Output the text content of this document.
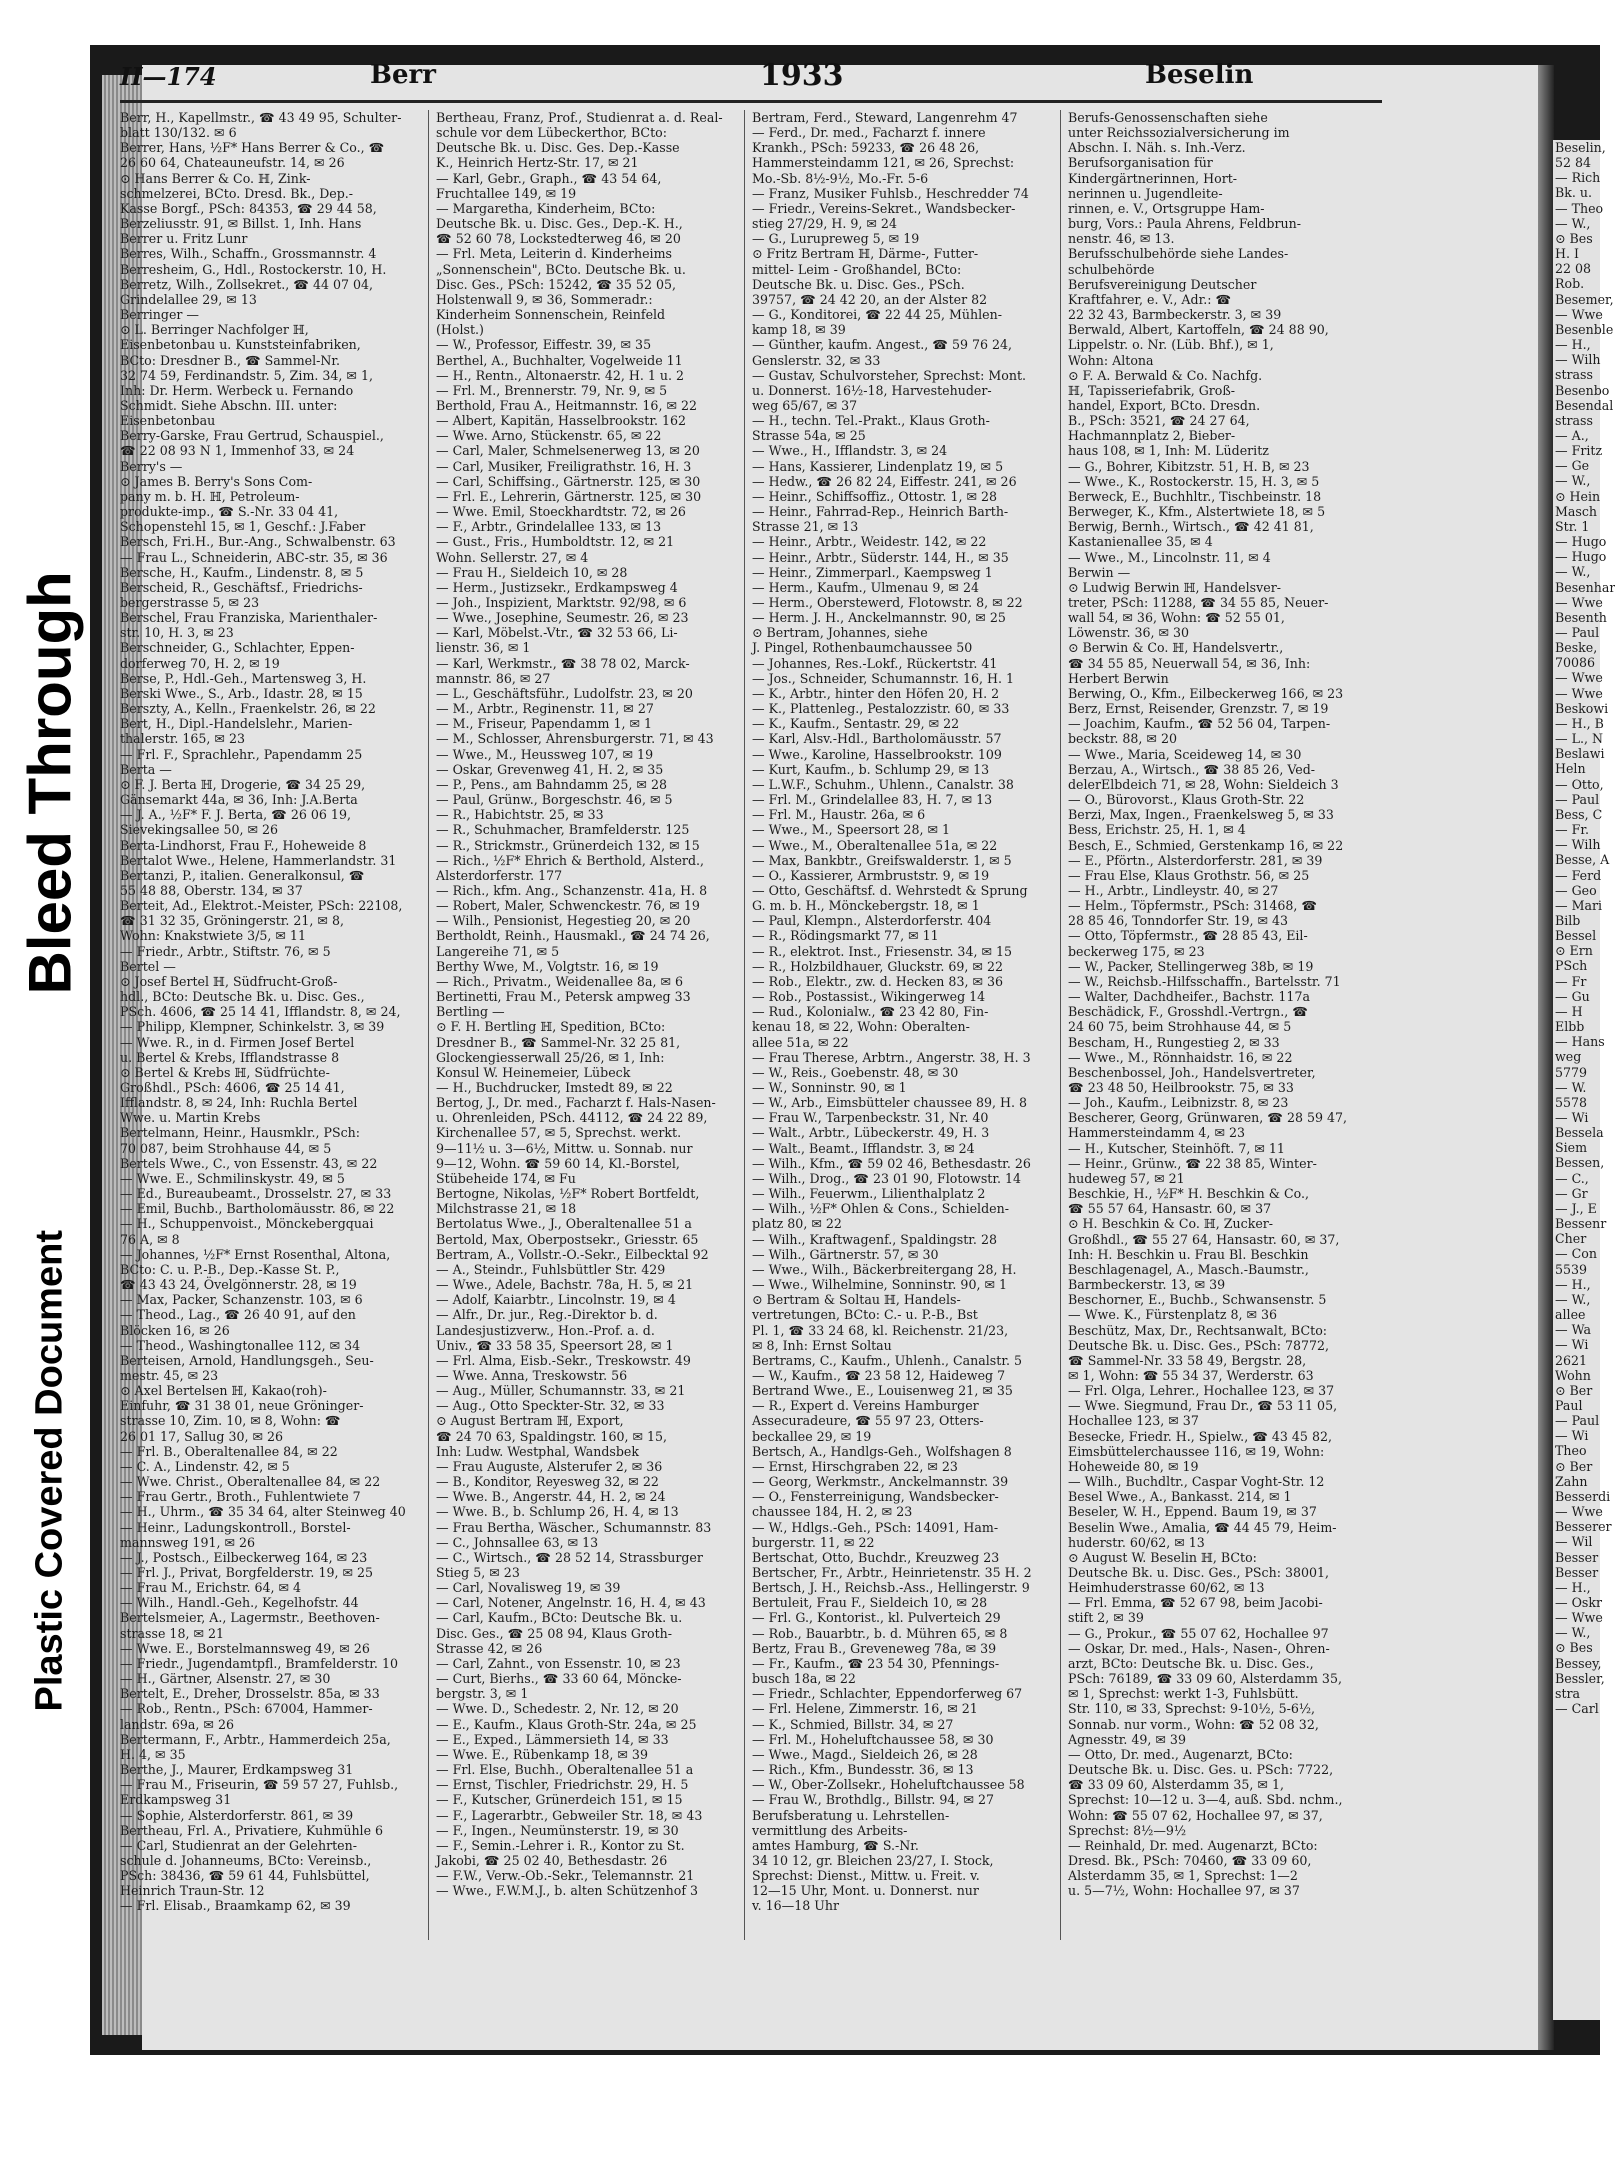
Bleed Through
Plastic Covered Document
Beselin,
52 84
— Rich
Bk. u.
— Theo
— W.,
⊙ Bes
H. I
22 08
Rob.
Besemer,
— Wwe
Besenble
— H.,
— Wilh
strass
Besenbo
Besendal
strass
— A.,
— Fritz
— Ge
— W.,
⊙ Hein
Masch
Str. 1
— Hugo
— Hugo
— W.,
Besenhar
— Wwe
Besenth
— Paul
Beske,
70086
— Wwe
— Wwe
Beskowi
— H., B
— L., N
Beslawi
Heln
— Otto,
— Paul
Bess, C
— Fr.
— Wilh
Besse, A
— Ferd
— Geo
— Mari
Bilb
Bessel
⊙ Ern
PSch
— Fr
— Gu
— H
Elbb
— Hans
weg
5779
— W.
5578
— Wi
Bessela
Siem
Bessen,
— C.,
— Gr
— J., E
Bessenr
Cher
— Con
5539
— H.,
— W.,
allee
— Wa
— Wi
2621
Wohn
⊙ Ber
Paul
— Paul
— Wi
Theo
⊙ Ber
Zahn
Besserdi
— Wwe
Besserer
— Wil
Besser
Besser
— H.,
— Oskr
— Wwe
— W.,
⊙ Bes
Bessey,
Bessler,
stra
— Carl
II—174	Berr	1933	Beselin
Berr, H., Kapellmstr., ☎ 43 49 95, Schulter-
blatt 130/132. ✉ 6
Berrer, Hans, ½F* Hans Berrer & Co., ☎
26 60 64, Chateauneufstr. 14, ✉ 26
⊙ Hans Berrer & Co. ℍ, Zink-
schmelzerei, BCto. Dresd. Bk., Dep.-
Kasse Borgf., PSch: 84353, ☎ 29 44 58,
Berzeliusstr. 91, ✉ Billst. 1, Inh. Hans
Berrer u. Fritz Lunr
Berres, Wilh., Schaffn., Grossmannstr. 4
Berresheim, G., Hdl., Rostockerstr. 10, H.
Berretz, Wilh., Zollsekret., ☎ 44 07 04,
Grindelallee 29, ✉ 13
Berringer —
⊙ L. Berringer Nachfolger ℍ,
Eisenbetonbau u. Kunststeinfabriken,
BCto: Dresdner B., ☎ Sammel-Nr.
32 74 59, Ferdinandstr. 5, Zim. 34, ✉ 1,
Inh: Dr. Herm. Werbeck u. Fernando
Schmidt. Siehe Abschn. III. unter:
Eisenbetonbau
Berry-Garske, Frau Gertrud, Schauspiel.,
☎ 22 08 93 N 1, Immenhof 33, ✉ 24
Berry's —
⊙ James B. Berry's Sons Com-
pany m. b. H. ℍ, Petroleum-
produkte-imp., ☎ S.-Nr. 33 04 41,
Schopenstehl 15, ✉ 1, Geschf.: J.Faber
Bersch, Fri.H., Bur.-Ang., Schwalbenstr. 63
— Frau L., Schneiderin, ABC-str. 35, ✉ 36
Bersche, H., Kaufm., Lindenstr. 8, ✉ 5
Berscheid, R., Geschäftsf., Friedrichs-
bergerstrasse 5, ✉ 23
Berschel, Frau Franziska, Marienthaler-
str. 10, H. 3, ✉ 23
Berschneider, G., Schlachter, Eppen-
dorferweg 70, H. 2, ✉ 19
Berse, P., Hdl.-Geh., Martensweg 3, H.
Berski Wwe., S., Arb., Idastr. 28, ✉ 15
Berszty, A., Kelln., Fraenkelstr. 26, ✉ 22
Bert, H., Dipl.-Handelslehr., Marien-
thalerstr. 165, ✉ 23
— Frl. F., Sprachlehr., Papendamm 25
Berta —
⊙ F. J. Berta ℍ, Drogerie, ☎ 34 25 29,
Gänsemarkt 44a, ✉ 36, Inh: J.A.Berta
— J. A., ½F* F. J. Berta, ☎ 26 06 19,
Sievekingsallee 50, ✉ 26
Berta-Lindhorst, Frau F., Hoheweide 8
Bertalot Wwe., Helene, Hammerlandstr. 31
Bertanzi, P., italien. Generalkonsul, ☎
55 48 88, Oberstr. 134, ✉ 37
Berteit, Ad., Elektrot.-Meister, PSch: 22108,
☎ 31 32 35, Gröningerstr. 21, ✉ 8,
Wohn: Knakstwiete 3/5, ✉ 11
— Friedr., Arbtr., Stiftstr. 76, ✉ 5
Bertel —
⊙ Josef Bertel ℍ, Südfrucht-Groß-
hdl., BCto: Deutsche Bk. u. Disc. Ges.,
PSch. 4606, ☎ 25 14 41, Ifflandstr. 8, ✉ 24,
— Philipp, Klempner, Schinkelstr. 3, ✉ 39
— Wwe. R., in d. Firmen Josef Bertel
u. Bertel & Krebs, Ifflandstrasse 8
⊙ Bertel & Krebs ℍ, Südfrüchte-
Großhdl., PSch: 4606, ☎ 25 14 41,
Ifflandstr. 8, ✉ 24, Inh: Ruchla Bertel
Wwe. u. Martin Krebs
Bertelmann, Heinr., Hausmklr., PSch:
70 087, beim Strohhause 44, ✉ 5
Bertels Wwe., C., von Essenstr. 43, ✉ 22
— Wwe. E., Schmilinskystr. 49, ✉ 5
— Ed., Bureaubeamt., Drosselstr. 27, ✉ 33
— Emil, Buchb., Bartholomäusstr. 86, ✉ 22
— H., Schuppenvoist., Mönckebergquai
76 A, ✉ 8
— Johannes, ½F* Ernst Rosenthal, Altona,
BCto: C. u. P.-B., Dep.-Kasse St. P.,
☎ 43 43 24, Övelgönnerstr. 28, ✉ 19
— Max, Packer, Schanzenstr. 103, ✉ 6
— Theod., Lag., ☎ 26 40 91, auf den
Blöcken 16, ✉ 26
— Theod., Washingtonallee 112, ✉ 34
Berteisen, Arnold, Handlungsgeh., Seu-
mestr. 45, ✉ 23
⊙ Axel Bertelsen ℍ, Kakao(roh)-
Einfuhr, ☎ 31 38 01, neue Gröninger-
strasse 10, Zim. 10, ✉ 8, Wohn: ☎
26 01 17, Sallug 30, ✉ 26
— Frl. B., Oberaltenallee 84, ✉ 22
— C. A., Lindenstr. 42, ✉ 5
— Wwe. Christ., Oberaltenallee 84, ✉ 22
— Frau Gertr., Broth., Fuhlentwiete 7
— H., Uhrm., ☎ 35 34 64, alter Steinweg 40
— Heinr., Ladungskontroll., Borstel-
mannsweg 191, ✉ 26
— J., Postsch., Eilbeckerweg 164, ✉ 23
— Frl. J., Privat, Borgfelderstr. 19, ✉ 25
— Frau M., Erichstr. 64, ✉ 4
— Wilh., Handl.-Geh., Kegelhofstr. 44
Bertelsmeier, A., Lagermstr., Beethoven-
strasse 18, ✉ 21
— Wwe. E., Borstelmannsweg 49, ✉ 26
— Friedr., Jugendamtpfl., Bramfelderstr. 10
— H., Gärtner, Alsenstr. 27, ✉ 30
Bertelt, E., Dreher, Drosselstr. 85a, ✉ 33
— Rob., Rentn., PSch: 67004, Hammer-
landstr. 69a, ✉ 26
Bertermann, F., Arbtr., Hammerdeich 25a,
H. 4, ✉ 35
Berthe, J., Maurer, Erdkampsweg 31
— Frau M., Friseurin, ☎ 59 57 27, Fuhlsb.,
Erdkampsweg 31
— Sophie, Alsterdorferstr. 861, ✉ 39
Bertheau, Frl. A., Privatiere, Kuhmühle 6
— Carl, Studienrat an der Gelehrten-
schule d. Johanneums, BCto: Vereinsb.,
PSch: 38436, ☎ 59 61 44, Fuhlsbüttel,
Heinrich Traun-Str. 12
— Frl. Elisab., Braamkamp 62, ✉ 39
Bertheau, Franz, Prof., Studienrat a. d. Real-
schule vor dem Lübeckerthor, BCto:
Deutsche Bk. u. Disc. Ges. Dep.-Kasse
K., Heinrich Hertz-Str. 17, ✉ 21
— Karl, Gebr., Graph., ☎ 43 54 64,
Fruchtallee 149, ✉ 19
— Margaretha, Kinderheim, BCto:
Deutsche Bk. u. Disc. Ges., Dep.-K. H.,
☎ 52 60 78, Lockstedterweg 46, ✉ 20
— Frl. Meta, Leiterin d. Kinderheims
„Sonnenschein", BCto. Deutsche Bk. u.
Disc. Ges., PSch: 15242, ☎ 35 52 05,
Holstenwall 9, ✉ 36, Sommeradr.:
Kinderheim Sonnenschein, Reinfeld
(Holst.)
— W., Professor, Eiffestr. 39, ✉ 35
Berthel, A., Buchhalter, Vogelweide 11
— H., Rentn., Altonaerstr. 42, H. 1 u. 2
— Frl. M., Brennerstr. 79, Nr. 9, ✉ 5
Berthold, Frau A., Heitmannstr. 16, ✉ 22
— Albert, Kapitän, Hasselbrookstr. 162
— Wwe. Arno, Stückenstr. 65, ✉ 22
— Carl, Maler, Schmelsenerweg 13, ✉ 20
— Carl, Musiker, Freiligrathstr. 16, H. 3
— Carl, Schiffsing., Gärtnerstr. 125, ✉ 30
— Frl. E., Lehrerin, Gärtnerstr. 125, ✉ 30
— Wwe. Emil, Stoeckhardtstr. 72, ✉ 26
— F., Arbtr., Grindelallee 133, ✉ 13
— Gust., Fris., Humboldtstr. 12, ✉ 21
Wohn. Sellerstr. 27, ✉ 4
— Frau H., Sieldeich 10, ✉ 28
— Herm., Justizsekr., Erdkampsweg 4
— Joh., Inspizient, Marktstr. 92/98, ✉ 6
— Wwe., Josephine, Seumestr. 26, ✉ 23
— Karl, Möbelst.-Vtr., ☎ 32 53 66, Li-
lienstr. 36, ✉ 1
— Karl, Werkmstr., ☎ 38 78 02, Marck-
mannstr. 86, ✉ 27
— L., Geschäftsführ., Ludolfstr. 23, ✉ 20
— M., Arbtr., Reginenstr. 11, ✉ 27
— M., Friseur, Papendamm 1, ✉ 1
— M., Schlosser, Ahrensburgerstr. 71, ✉ 43
— Wwe., M., Heussweg 107, ✉ 19
— Oskar, Grevenweg 41, H. 2, ✉ 35
— P., Pens., am Bahndamm 25, ✉ 28
— Paul, Grünw., Borgeschstr. 46, ✉ 5
— R., Habichtstr. 25, ✉ 33
— R., Schuhmacher, Bramfelderstr. 125
— R., Strickmstr., Grünerdeich 132, ✉ 15
— Rich., ½F* Ehrich & Berthold, Alsterd.,
Alsterdorferstr. 177
— Rich., kfm. Ang., Schanzenstr. 41a, H. 8
— Robert, Maler, Schwenckestr. 76, ✉ 19
— Wilh., Pensionist, Hegestieg 20, ✉ 20
Bertholdt, Reinh., Hausmakl., ☎ 24 74 26,
Langereihe 71, ✉ 5
Berthy Wwe, M., Volgtstr. 16, ✉ 19
— Rich., Privatm., Weidenallee 8a, ✉ 6
Bertinetti, Frau M., Petersk ampweg 33
Bertling —
⊙ F. H. Bertling ℍ, Spedition, BCto:
Dresdner B., ☎ Sammel-Nr. 32 25 81,
Glockengiesserwall 25/26, ✉ 1, Inh:
Konsul W. Heinemeier, Lübeck
— H., Buchdrucker, Imstedt 89, ✉ 22
Bertog, J., Dr. med., Facharzt f. Hals-Nasen-
u. Ohrenleiden, PSch. 44112, ☎ 24 22 89,
Kirchenallee 57, ✉ 5, Sprechst. werkt.
9—11½ u. 3—6½, Mittw. u. Sonnab. nur
9—12, Wohn. ☎ 59 60 14, Kl.-Borstel,
Stübeheide 174, ✉ Fu
Bertogne, Nikolas, ½F* Robert Bortfeldt,
Milchstrasse 21, ✉ 18
Bertolatus Wwe., J., Oberaltenallee 51 a
Bertold, Max, Oberpostsekr., Griesstr. 65
Bertram, A., Vollstr.-O.-Sekr., Eilbecktal 92
— A., Steindr., Fuhlsbüttler Str. 429
— Wwe., Adele, Bachstr. 78a, H. 5, ✉ 21
— Adolf, Kaiarbtr., Lincolnstr. 19, ✉ 4
— Alfr., Dr. jur., Reg.-Direktor b. d.
Landesjustizverw., Hon.-Prof. a. d.
Univ., ☎ 33 58 35, Speersort 28, ✉ 1
— Frl. Alma, Eisb.-Sekr., Treskowstr. 49
— Wwe. Anna, Treskowstr. 56
— Aug., Müller, Schumannstr. 33, ✉ 21
— Aug., Otto Speckter-Str. 32, ✉ 33
⊙ August Bertram ℍ, Export,
☎ 24 70 63, Spaldingstr. 160, ✉ 15,
Inh: Ludw. Westphal, Wandsbek
— Frau Auguste, Alsterufer 2, ✉ 36
— B., Konditor, Reyesweg 32, ✉ 22
— Wwe. B., Angerstr. 44, H. 2, ✉ 24
— Wwe. B., b. Schlump 26, H. 4, ✉ 13
— Frau Bertha, Wäscher., Schumannstr. 83
— C., Johnsallee 63, ✉ 13
— C., Wirtsch., ☎ 28 52 14, Strassburger
Stieg 5, ✉ 23
— Carl, Novalisweg 19, ✉ 39
— Carl, Notener, Angelnstr. 16, H. 4, ✉ 43
— Carl, Kaufm., BCto: Deutsche Bk. u.
Disc. Ges., ☎ 25 08 94, Klaus Groth-
Strasse 42, ✉ 26
— Carl, Zahnt., von Essenstr. 10, ✉ 23
— Curt, Bierhs., ☎ 33 60 64, Möncke-
bergstr. 3, ✉ 1
— Wwe. D., Schedestr. 2, Nr. 12, ✉ 20
— E., Kaufm., Klaus Groth-Str. 24a, ✉ 25
— E., Exped., Lämmersieth 14, ✉ 33
— Wwe. E., Rübenkamp 18, ✉ 39
— Frl. Else, Buchh., Oberaltenallee 51 a
— Ernst, Tischler, Friedrichstr. 29, H. 5
— F., Kutscher, Grünerdeich 151, ✉ 15
— F., Lagerarbtr., Gebweiler Str. 18, ✉ 43
— F., Ingen., Neumünsterstr. 19, ✉ 30
— F., Semin.-Lehrer i. R., Kontor zu St.
Jakobi, ☎ 25 02 40, Bethesdastr. 26
— F.W., Verw.-Ob.-Sekr., Telemannstr. 21
— Wwe., F.W.M.J., b. alten Schützenhof 3
Bertram, Ferd., Steward, Langenrehm 47
— Ferd., Dr. med., Facharzt f. innere
Krankh., PSch: 59233, ☎ 26 48 26,
Hammersteindamm 121, ✉ 26, Sprechst:
Mo.-Sb. 8½-9½, Mo.-Fr. 5-6
— Franz, Musiker Fuhlsb., Heschredder 74
— Friedr., Vereins-Sekret., Wandsbecker-
stieg 27/29, H. 9, ✉ 24
— G., Lurupreweg 5, ✉ 19
⊙ Fritz Bertram ℍ, Därme-, Futter-
mittel- Leim - Großhandel, BCto:
Deutsche Bk. u. Disc. Ges., PSch.
39757, ☎ 24 42 20, an der Alster 82
— G., Konditorei, ☎ 22 44 25, Mühlen-
kamp 18, ✉ 39
— Günther, kaufm. Angest., ☎ 59 76 24,
Genslerstr. 32, ✉ 33
— Gustav, Schulvorsteher, Sprechst: Mont.
u. Donnerst. 16½-18, Harvestehuder-
weg 65/67, ✉ 37
— H., techn. Tel.-Prakt., Klaus Groth-
Strasse 54a, ✉ 25
— Wwe., H., Ifflandstr. 3, ✉ 24
— Hans, Kassierer, Lindenplatz 19, ✉ 5
— Hedw., ☎ 26 82 24, Eiffestr. 241, ✉ 26
— Heinr., Schiffsoffiz., Ottostr. 1, ✉ 28
— Heinr., Fahrrad-Rep., Heinrich Barth-
Strasse 21, ✉ 13
— Heinr., Arbtr., Weidestr. 142, ✉ 22
— Heinr., Arbtr., Süderstr. 144, H., ✉ 35
— Heinr., Zimmerparl., Kaempsweg 1
— Herm., Kaufm., Ulmenau 9, ✉ 24
— Herm., Oberstewerd, Flotowstr. 8, ✉ 22
— Herm. J. H., Anckelmannstr. 90, ✉ 25
⊙ Bertram, Johannes, siehe
J. Pingel, Rothenbaumchaussee 50
— Johannes, Res.-Lokf., Rückertstr. 41
— Jos., Schneider, Schumannstr. 16, H. 1
— K., Arbtr., hinter den Höfen 20, H. 2
— K., Plattenleg., Pestalozzistr. 60, ✉ 33
— K., Kaufm., Sentastr. 29, ✉ 22
— Karl, Alsv.-Hdl., Bartholomäusstr. 57
— Wwe., Karoline, Hasselbrookstr. 109
— Kurt, Kaufm., b. Schlump 29, ✉ 13
— L.W.F., Schuhm., Uhlenn., Canalstr. 38
— Frl. M., Grindelallee 83, H. 7, ✉ 13
— Frl. M., Haustr. 26a, ✉ 6
— Wwe., M., Speersort 28, ✉ 1
— Wwe., M., Oberaltenallee 51a, ✉ 22
— Max, Bankbtr., Greifswalderstr. 1, ✉ 5
— O., Kassierer, Armbruststr. 9, ✉ 19
— Otto, Geschäftsf. d. Wehrstedt & Sprung
G. m. b. H., Mönckebergstr. 18, ✉ 1
— Paul, Klempn., Alsterdorferstr. 404
— R., Rödingsmarkt 77, ✉ 11
— R., elektrot. Inst., Friesenstr. 34, ✉ 15
— R., Holzbildhauer, Gluckstr. 69, ✉ 22
— Rob., Elektr., zw. d. Hecken 83, ✉ 36
— Rob., Postassist., Wikingerweg 14
— Rud., Kolonialw., ☎ 23 42 80, Fin-
kenau 18, ✉ 22, Wohn: Oberalten-
allee 51a, ✉ 22
— Frau Therese, Arbtrn., Angerstr. 38, H. 3
— W., Reis., Goebenstr. 48, ✉ 30
— W., Sonninstr. 90, ✉ 1
— W., Arb., Eimsbütteler chaussee 89, H. 8
— Frau W., Tarpenbeckstr. 31, Nr. 40
— Walt., Arbtr., Lübeckerstr. 49, H. 3
— Walt., Beamt., Ifflandstr. 3, ✉ 24
— Wilh., Kfm., ☎ 59 02 46, Bethesdastr. 26
— Wilh., Drog., ☎ 23 01 90, Flotowstr. 14
— Wilh., Feuerwm., Lilienthalplatz 2
— Wilh., ½F* Ohlen & Cons., Schielden-
platz 80, ✉ 22
— Wilh., Kraftwagenf., Spaldingstr. 28
— Wilh., Gärtnerstr. 57, ✉ 30
— Wwe., Wilh., Bäckerbreitergang 28, H.
— Wwe., Wilhelmine, Sonninstr. 90, ✉ 1
⊙ Bertram & Soltau ℍ, Handels-
vertretungen, BCto: C.- u. P.-B., Bst
Pl. 1, ☎ 33 24 68, kl. Reichenstr. 21/23,
✉ 8, Inh: Ernst Soltau
Bertrams, C., Kaufm., Uhlenh., Canalstr. 5
— W., Kaufm., ☎ 23 58 12, Haideweg 7
Bertrand Wwe., E., Louisenweg 21, ✉ 35
— R., Expert d. Vereins Hamburger
Assecuradeure, ☎ 55 97 23, Otters-
beckallee 29, ✉ 19
Bertsch, A., Handlgs-Geh., Wolfshagen 8
— Ernst, Hirschgraben 22, ✉ 23
— Georg, Werkmstr., Anckelmannstr. 39
— O., Fensterreinigung, Wandsbecker-
chaussee 184, H. 2, ✉ 23
— W., Hdlgs.-Geh., PSch: 14091, Ham-
burgerstr. 11, ✉ 22
Bertschat, Otto, Buchdr., Kreuzweg 23
Bertscher, Fr., Arbtr., Heinrietenstr. 35 H. 2
Bertsch, J. H., Reichsb.-Ass., Hellingerstr. 9
Bertuleit, Frau F., Sieldeich 10, ✉ 28
— Frl. G., Kontorist., kl. Pulverteich 29
— Rob., Bauarbtr., b. d. Mühren 65, ✉ 8
Bertz, Frau B., Greveneweg 78a, ✉ 39
— Fr., Kaufm., ☎ 23 54 30, Pfennings-
busch 18a, ✉ 22
— Friedr., Schlachter, Eppendorferweg 67
— Frl. Helene, Zimmerstr. 16, ✉ 21
— K., Schmied, Billstr. 34, ✉ 27
— Frl. M., Hoheluftchaussee 58, ✉ 30
— Wwe., Magd., Sieldeich 26, ✉ 28
— Rich., Kfm., Bundesstr. 36, ✉ 13
— W., Ober-Zollsekr., Hoheluftchaussee 58
— Frau W., Brothdlg., Billstr. 94, ✉ 27
Berufsberatung u. Lehrstellen-
vermittlung des Arbeits-
amtes Hamburg, ☎ S.-Nr.
34 10 12, gr. Bleichen 23/27, I. Stock,
Sprechst: Dienst., Mittw. u. Freit. v.
12—15 Uhr, Mont. u. Donnerst. nur
v. 16—18 Uhr
Berufs-Genossenschaften siehe
unter Reichssozialversicherung im
Abschn. I. Näh. s. Inh.-Verz.
Berufsorganisation für
Kindergärtnerinnen, Hort-
nerinnen u. Jugendleite-
rinnen, e. V., Ortsgruppe Ham-
burg, Vors.: Paula Ahrens, Feldbrun-
nenstr. 46, ✉ 13.
Berufsschulbehörde siehe Landes-
schulbehörde
Berufsvereinigung Deutscher
Kraftfahrer, e. V., Adr.: ☎
22 32 43, Barmbeckerstr. 3, ✉ 39
Berwald, Albert, Kartoffeln, ☎ 24 88 90,
Lippelstr. o. Nr. (Lüb. Bhf.), ✉ 1,
Wohn: Altona
⊙ F. A. Berwald & Co. Nachfg.
ℍ, Tapisseriefabrik, Groß-
handel, Export, BCto. Dresdn.
B., PSch: 3521, ☎ 24 27 64,
Hachmannplatz 2, Bieber-
haus 108, ✉ 1, Inh: M. Lüderitz
— G., Bohrer, Kibitzstr. 51, H. B, ✉ 23
— Wwe., K., Rostockerstr. 15, H. 3, ✉ 5
Berweck, E., Buchhltr., Tischbeinstr. 18
Berweger, K., Kfm., Alstertwiete 18, ✉ 5
Berwig, Bernh., Wirtsch., ☎ 42 41 81,
Kastanienallee 35, ✉ 4
— Wwe., M., Lincolnstr. 11, ✉ 4
Berwin —
⊙ Ludwig Berwin ℍ, Handelsver-
treter, PSch: 11288, ☎ 34 55 85, Neuer-
wall 54, ✉ 36, Wohn: ☎ 52 55 01,
Löwenstr. 36, ✉ 30
⊙ Berwin & Co. ℍ, Handelsvertr.,
☎ 34 55 85, Neuerwall 54, ✉ 36, Inh:
Herbert Berwin
Berwing, O., Kfm., Eilbeckerweg 166, ✉ 23
Berz, Ernst, Reisender, Grenzstr. 7, ✉ 19
— Joachim, Kaufm., ☎ 52 56 04, Tarpen-
beckstr. 88, ✉ 20
— Wwe., Maria, Sceideweg 14, ✉ 30
Berzau, A., Wirtsch., ☎ 38 85 26, Ved-
delerElbdeich 71, ✉ 28, Wohn: Sieldeich 3
— O., Bürovorst., Klaus Groth-Str. 22
Berzi, Max, Ingen., Fraenkelsweg 5, ✉ 33
Bess, Erichstr. 25, H. 1, ✉ 4
Besch, E., Schmied, Gerstenkamp 16, ✉ 22
— E., Pförtn., Alsterdorferstr. 281, ✉ 39
— Frau Else, Klaus Grothstr. 56, ✉ 25
— H., Arbtr., Lindleystr. 40, ✉ 27
— Helm., Töpfermstr., PSch: 31468, ☎
28 85 46, Tonndorfer Str. 19, ✉ 43
— Otto, Töpfermstr., ☎ 28 85 43, Eil-
beckerweg 175, ✉ 23
— W., Packer, Stellingerweg 38b, ✉ 19
— W., Reichsb.-Hilfsschaffn., Bartelsstr. 71
— Walter, Dachdheifer., Bachstr. 117a
Beschädick, F., Grosshdl.-Vertrgn., ☎
24 60 75, beim Strohhause 44, ✉ 5
Bescham, H., Rungestieg 2, ✉ 33
— Wwe., M., Rönnhaidstr. 16, ✉ 22
Beschenbossel, Joh., Handelsvertreter,
☎ 23 48 50, Heilbrookstr. 75, ✉ 33
— Joh., Kaufm., Leibnizstr. 8, ✉ 23
Bescherer, Georg, Grünwaren, ☎ 28 59 47,
Hammersteindamm 4, ✉ 23
— H., Kutscher, Steinhöft. 7, ✉ 11
— Heinr., Grünw., ☎ 22 38 85, Winter-
hudeweg 57, ✉ 21
Beschkie, H., ½F* H. Beschkin & Co.,
☎ 55 57 64, Hansastr. 60, ✉ 37
⊙ H. Beschkin & Co. ℍ, Zucker-
Großhdl., ☎ 55 27 64, Hansastr. 60, ✉ 37,
Inh: H. Beschkin u. Frau Bl. Beschkin
Beschlagenagel, A., Masch.-Baumstr.,
Barmbeckerstr. 13, ✉ 39
Beschorner, E., Buchb., Schwansenstr. 5
— Wwe. K., Fürstenplatz 8, ✉ 36
Beschütz, Max, Dr., Rechtsanwalt, BCto:
Deutsche Bk. u. Disc. Ges., PSch: 78772,
☎ Sammel-Nr. 33 58 49, Bergstr. 28,
✉ 1, Wohn: ☎ 55 34 37, Werderstr. 63
— Frl. Olga, Lehrer., Hochallee 123, ✉ 37
— Wwe. Siegmund, Frau Dr., ☎ 53 11 05,
Hochallee 123, ✉ 37
Besecke, Friedr. H., Spielw., ☎ 43 45 82,
Eimsbüttelerchaussee 116, ✉ 19, Wohn:
Hoheweide 80, ✉ 19
— Wilh., Buchdltr., Caspar Voght-Str. 12
Besel Wwe., A., Bankasst. 214, ✉ 1
Beseler, W. H., Eppend. Baum 19, ✉ 37
Beselin Wwe., Amalia, ☎ 44 45 79, Heim-
huderstr. 60/62, ✉ 13
⊙ August W. Beselin ℍ, BCto:
Deutsche Bk. u. Disc. Ges., PSch: 38001,
Heimhuderstrasse 60/62, ✉ 13
— Frl. Emma, ☎ 52 67 98, beim Jacobi-
stift 2, ✉ 39
— G., Prokur., ☎ 55 07 62, Hochallee 97
— Oskar, Dr. med., Hals-, Nasen-, Ohren-
arzt, BCto: Deutsche Bk. u. Disc. Ges.,
PSch: 76189, ☎ 33 09 60, Alsterdamm 35,
✉ 1, Sprechst: werkt 1-3, Fuhlsbütt.
Str. 110, ✉ 33, Sprechst: 9-10½, 5-6½,
Sonnab. nur vorm., Wohn: ☎ 52 08 32,
Agnesstr. 49, ✉ 39
— Otto, Dr. med., Augenarzt, BCto:
Deutsche Bk. u. Disc. Ges. u. PSch: 7722,
☎ 33 09 60, Alsterdamm 35, ✉ 1,
Sprechst: 10—12 u. 3—4, auß. Sbd. nchm.,
Wohn: ☎ 55 07 62, Hochallee 97, ✉ 37,
Sprechst: 8½—9½
— Reinhald, Dr. med. Augenarzt, BCto:
Dresd. Bk., PSch: 70460, ☎ 33 09 60,
Alsterdamm 35, ✉ 1, Sprechst: 1—2
u. 5—7½, Wohn: Hochallee 97, ✉ 37
